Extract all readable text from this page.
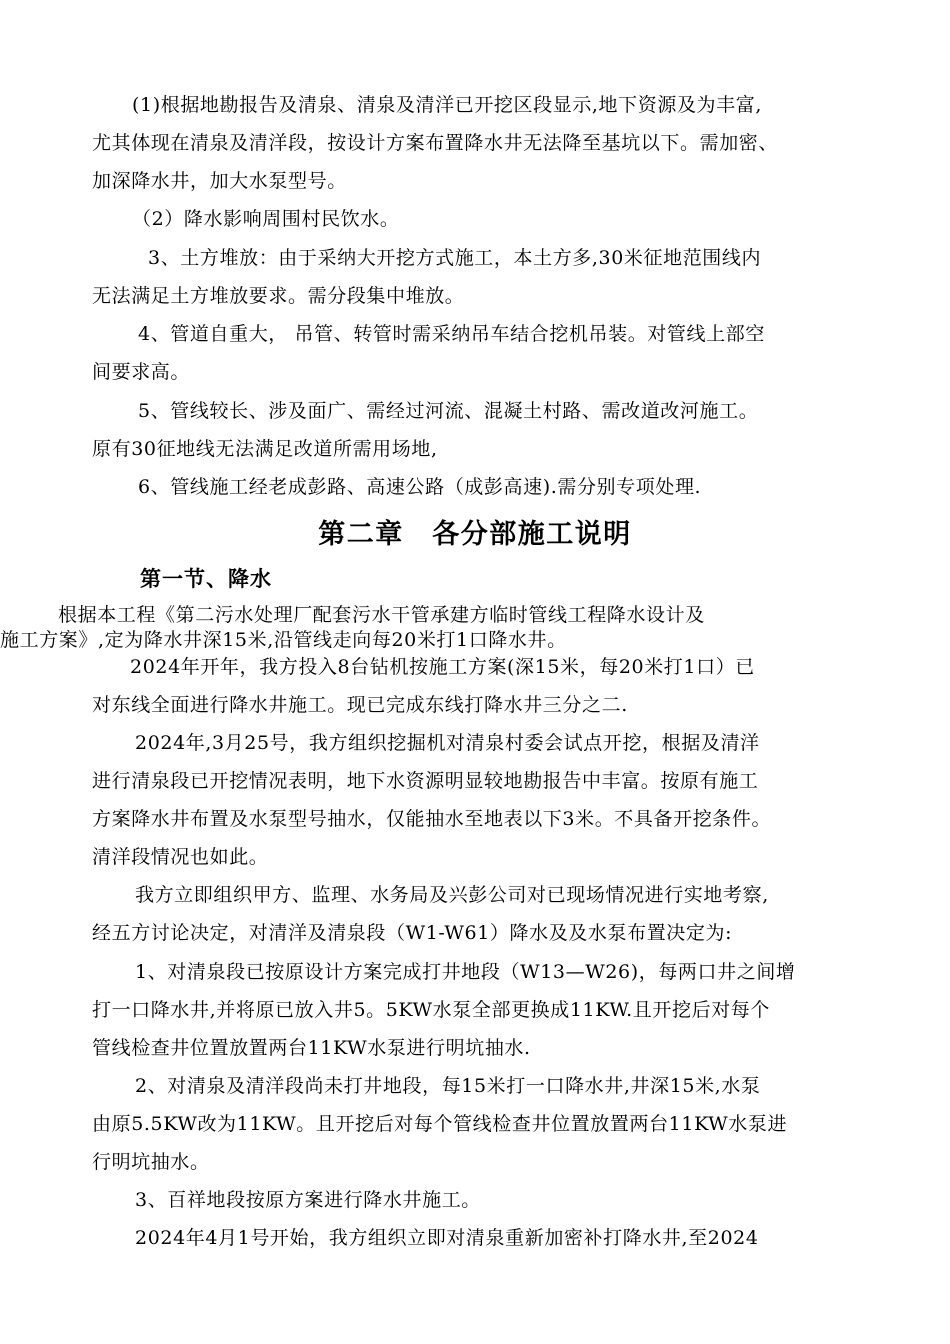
(1)根据地勘报告及清泉、清泉及清洋已开挖区段显示,地下资源及为丰富,
尤其体现在清泉及清洋段，按设计方案布置降水井无法降至基坑以下。需加密、
加深降水井，加大水泵型号。
（2）降水影响周围村民饮水。
3、土方堆放：由于采纳大开挖方式施工，本土方多,30米征地范围线内
无法满足土方堆放要求。需分段集中堆放。
4、管道自重大， 吊管、转管时需采纳吊车结合挖机吊装。对管线上部空
间要求高。
5、管线较长、涉及面广、需经过河流、混凝土村路、需改道改河施工。
原有30征地线无法满足改道所需用场地,
6、管线施工经老成彭路、高速公路（成彭高速).需分别专项处理.
第二章　各分部施工说明
第一节、降水
根据本工程《第二污水处理厂配套污水干管承建方临时管线工程降水设计及
施工方案》,定为降水井深15米,沿管线走向每20米打1口降水井。
2024年开年，我方投入8台钻机按施工方案(深15米，每20米打1口）已
对东线全面进行降水井施工。现已完成东线打降水井三分之二.
2024年,3月25号，我方组织挖掘机对清泉村委会试点开挖，根据及清洋
进行清泉段已开挖情况表明，地下水资源明显较地勘报告中丰富。按原有施工
方案降水井布置及水泵型号抽水，仅能抽水至地表以下3米。不具备开挖条件。
清洋段情况也如此。
我方立即组织甲方、监理、水务局及兴彭公司对已现场情况进行实地考察,
经五方讨论决定，对清洋及清泉段（W1-W61）降水及及水泵布置决定为:
1、对清泉段已按原设计方案完成打井地段（W13—W26)，每两口井之间增
打一口降水井,并将原已放入井5。5KW水泵全部更换成11KW.且开挖后对每个
管线检查井位置放置两台11KW水泵进行明坑抽水.
2、对清泉及清洋段尚未打井地段，每15米打一口降水井,井深15米,水泵
由原5.5KW改为11KW。且开挖后对每个管线检查井位置放置两台11KW水泵进
行明坑抽水。
3、百祥地段按原方案进行降水井施工。
2024年4月1号开始，我方组织立即对清泉重新加密补打降水井,至2024
